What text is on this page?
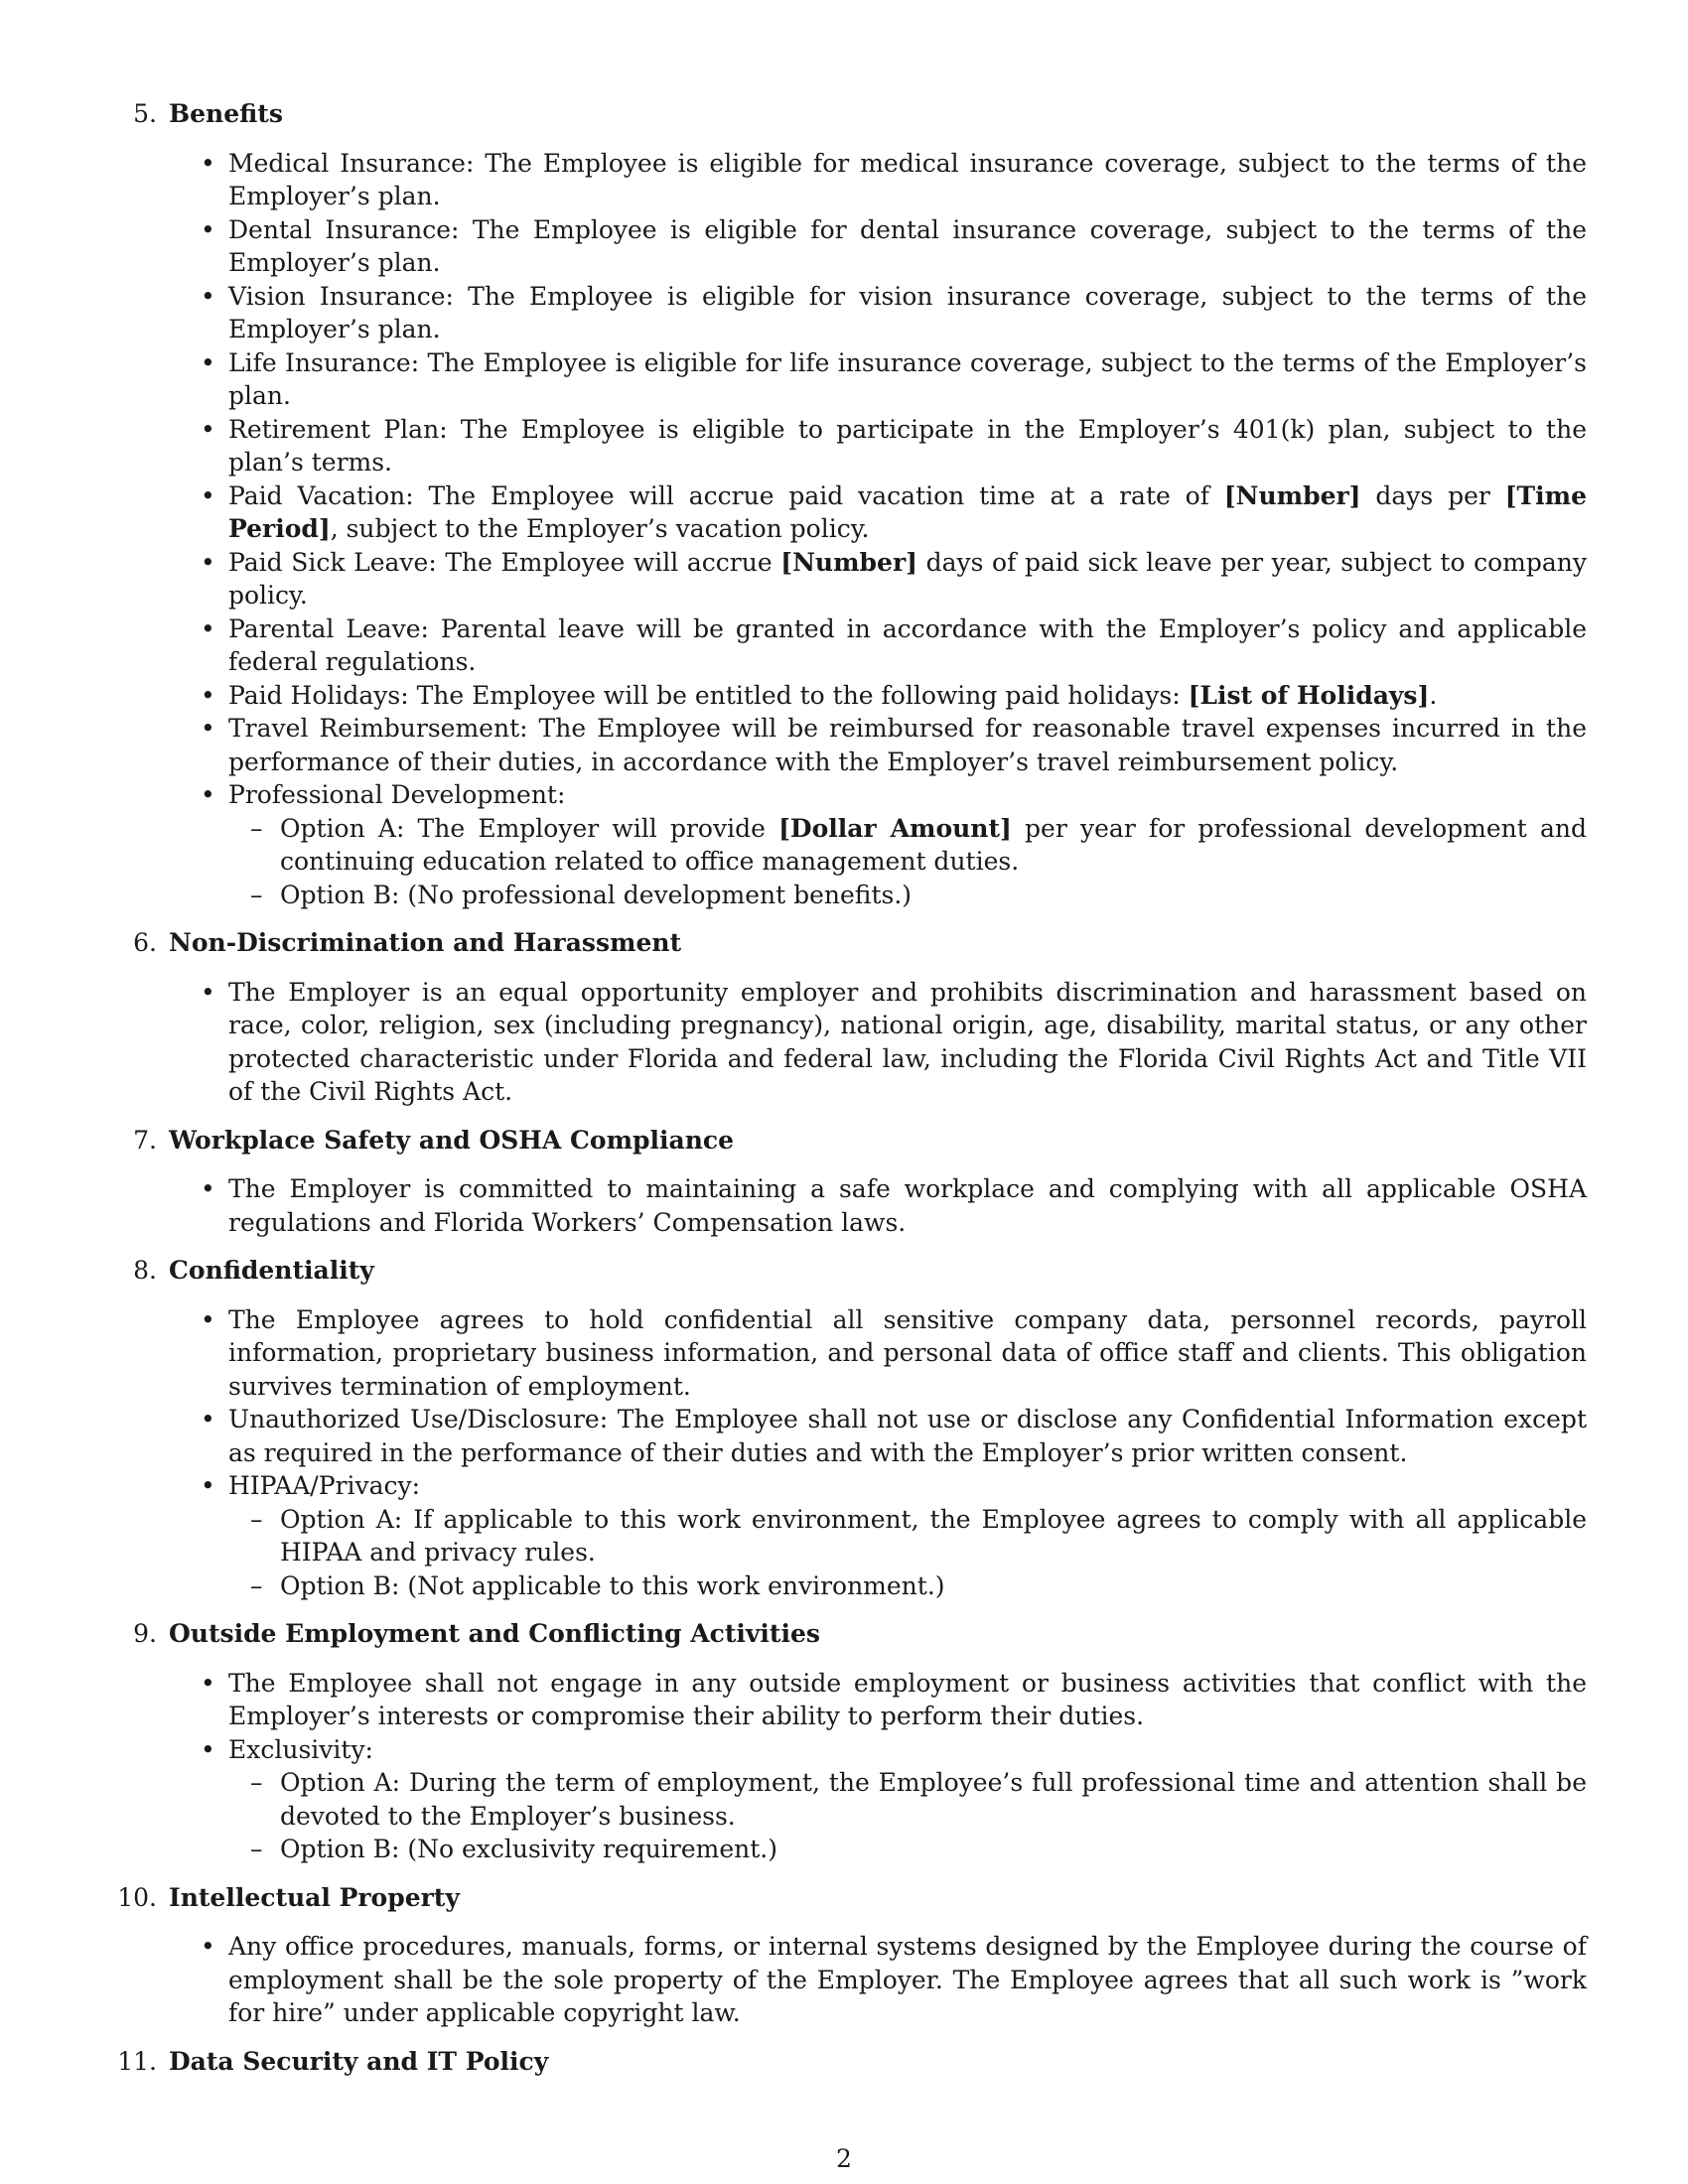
5. Benefits
• Medical Insurance: The Employee is eligible for medical insurance coverage, subject to the terms of the Employer’s plan.
• Dental Insurance: The Employee is eligible for dental insurance coverage, subject to the terms of the Employer’s plan.
• Vision Insurance: The Employee is eligible for vision insurance coverage, subject to the terms of the Employer’s plan.
• Life Insurance: The Employee is eligible for life insurance coverage, subject to the terms of the Employer’s plan.
• Retirement Plan: The Employee is eligible to participate in the Employer’s 401(k) plan, subject to the plan’s terms.
• Paid Vacation: The Employee will accrue paid vacation time at a rate of [Number] days per [Time Period], subject to the Employer’s vacation policy.
• Paid Sick Leave: The Employee will accrue [Number] days of paid sick leave per year, subject to company policy.
• Parental Leave: Parental leave will be granted in accordance with the Employer’s policy and applicable federal regulations.
• Paid Holidays: The Employee will be entitled to the following paid holidays: [List of Holidays].
• Travel Reimbursement: The Employee will be reimbursed for reasonable travel expenses incurred in the performance of their duties, in accordance with the Employer’s travel reimbursement policy.
• Professional Development:
– Option A: The Employer will provide [Dollar Amount] per year for professional development and continuing education related to office management duties.
– Option B: (No professional development benefits.)
6. Non-Discrimination and Harassment
• The Employer is an equal opportunity employer and prohibits discrimination and harassment based on race, color, religion, sex (including pregnancy), national origin, age, disability, marital status, or any other protected characteristic under Florida and federal law, including the Florida Civil Rights Act and Title VII of the Civil Rights Act.
7. Workplace Safety and OSHA Compliance
• The Employer is committed to maintaining a safe workplace and complying with all applicable OSHA regulations and Florida Workers’ Compensation laws.
8. Confidentiality
• The Employee agrees to hold confidential all sensitive company data, personnel records, payroll information, proprietary business information, and personal data of office staff and clients. This obligation survives termination of employment.
• Unauthorized Use/Disclosure: The Employee shall not use or disclose any Confidential Information except as required in the performance of their duties and with the Employer’s prior written consent.
• HIPAA/Privacy:
– Option A: If applicable to this work environment, the Employee agrees to comply with all applicable HIPAA and privacy rules.
– Option B: (Not applicable to this work environment.)
9. Outside Employment and Conflicting Activities
• The Employee shall not engage in any outside employment or business activities that conflict with the Employer’s interests or compromise their ability to perform their duties.
• Exclusivity:
– Option A: During the term of employment, the Employee’s full professional time and attention shall be devoted to the Employer’s business.
– Option B: (No exclusivity requirement.)
10. Intellectual Property
• Any office procedures, manuals, forms, or internal systems designed by the Employee during the course of employment shall be the sole property of the Employer. The Employee agrees that all such work is ”work for hire” under applicable copyright law.
11. Data Security and IT Policy
2
